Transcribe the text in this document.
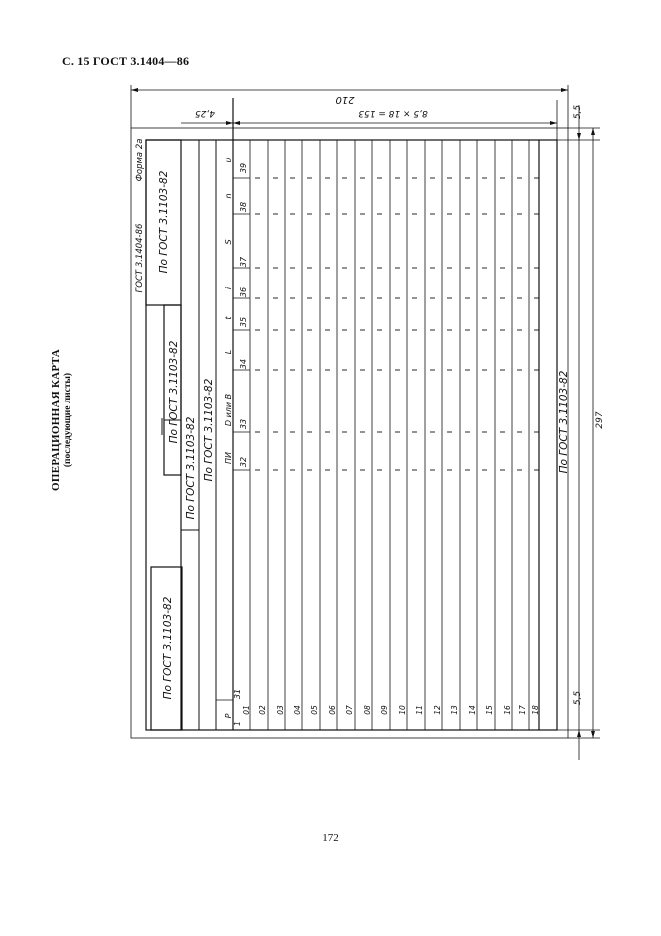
С. 15 ГОСТ 3.1404—86
ОПЕРАЦИОННАЯ КАРТА (последующие листы)
172
210
8,5 × 18 = 153
4,25	5,5
5,5
297
ГОСТ 3.1404-86
Форма 2а
По ГОСТ 3.1103-82
По ГОСТ 3.1103-82
По ГОСТ 3.1103-82 По ГОСТ 3.1103-82
По ГОСТ 3.1103-82
По ГОСТ 3.1103-82
Р
31
ПИ 32
D или В 33
L
34
t 35
i 36
S
37
n
38
υ
39
1
01 02 03 04 05 06 07 08 09 10 11 12 13 14 15 16 17 18
